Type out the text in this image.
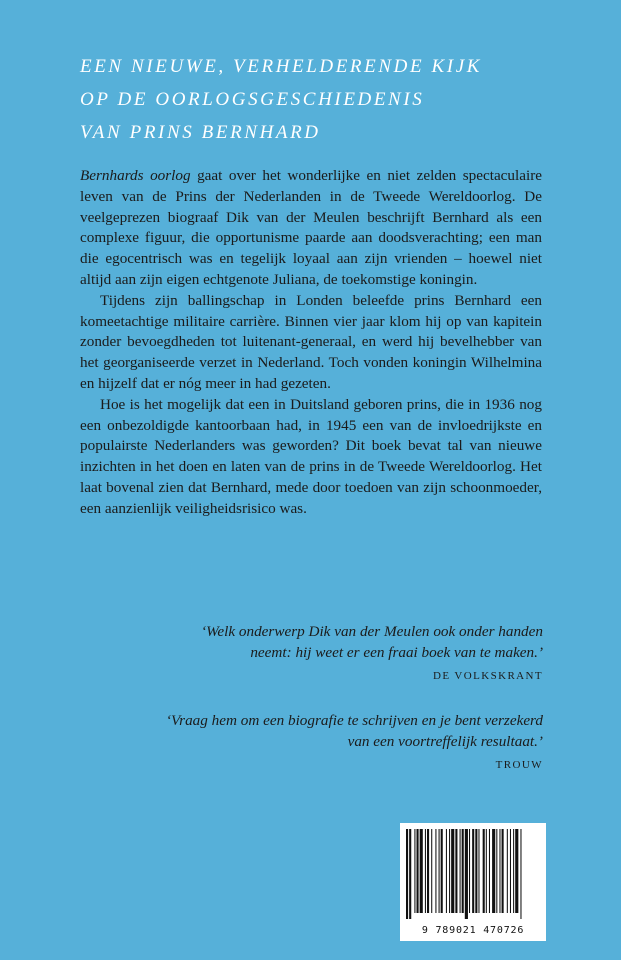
EEN NIEUWE, VERHELDERENDE KIJK
OP DE OORLOGSGESCHIEDENIS
VAN PRINS BERNHARD

Bernhards oorlog gaat over het wonderlijke en niet zelden spectaculaire leven van de Prins der Nederlanden in de Tweede Wereldoorlog. De veelgeprezen biograaf Dik van der Meulen beschrijft Bernhard als een complexe figuur, die opportunisme paarde aan doodsverachting; een man die egocentrisch was en tegelijk loyaal aan zijn vrienden – hoewel niet altijd aan zijn eigen echtgenote Juliana, de toekomstige koningin.

Tijdens zijn ballingschap in Londen beleefde prins Bernhard een komeetachtige militaire carrière. Binnen vier jaar klom hij op van kapitein zonder bevoegdheden tot luitenant-generaal, en werd hij bevelhebber van het georganiseerde verzet in Nederland. Toch vonden koningin Wilhelmina en hijzelf dat er nóg meer in had gezeten.

Hoe is het mogelijk dat een in Duitsland geboren prins, die in 1936 nog een onbezoldigde kantoorbaan had, in 1945 een van de invloedrijkste en populairste Nederlanders was geworden? Dit boek bevat tal van nieuwe inzichten in het doen en laten van de prins in de Tweede Wereldoorlog. Het laat bovenal zien dat Bernhard, mede door toedoen van zijn schoonmoeder, een aanzienlijk veiligheidsrisico was.

‘Welk onderwerp Dik van der Meulen ook onder handen
neemt: hij weet er een fraai boek van te maken.’
DE VOLKSKRANT
‘Vraag hem om een biografie te schrijven en je bent verzekerd
van een voortreffelijk resultaat.’
TROUW
9 789021 470726
